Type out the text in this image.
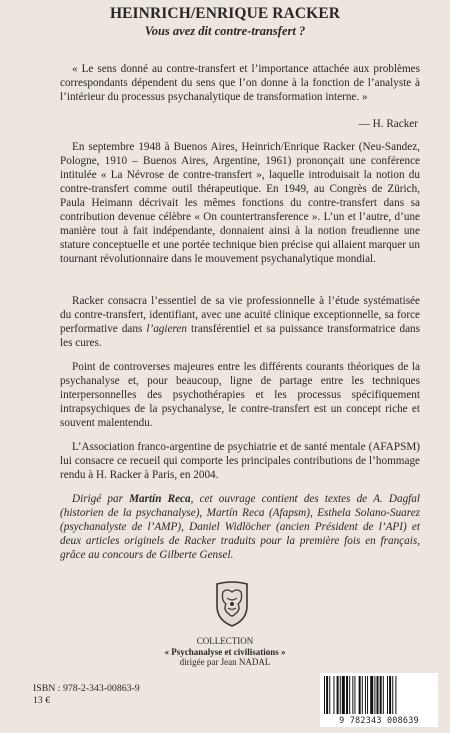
HEINRICH/ENRIQUE RACKER
Vous avez dit contre-transfert ?

« Le sens donné au contre-transfert et l’importance attachée aux problèmes correspondants dépendent du sens que l’on donne à la fonction de l’analyste à l’intérieur du processus psychanalytique de transformation interne. »

— H. Racker

En septembre 1948 à Buenos Aires, Heinrich/Enrique Racker (Neu-Sandez, Pologne, 1910 – Buenos Aires, Argentine, 1961) prononçait une conférence intitulée « La Névrose de contre-transfert », laquelle introduisait la notion du contre-transfert comme outil thérapeutique. En 1949, au Congrès de Zürich, Paula Heimann décrivait les mêmes fonctions du contre-transfert dans sa contribution devenue célèbre « On countertransference ». L’un et l’autre, d’une manière tout à fait indépendante, donnaient ainsi à la notion freudienne une stature conceptuelle et une portée technique bien précise qui allaient marquer un tournant révolutionnaire dans le mouvement psychanalytique mondial.

Racker consacra l’essentiel de sa vie professionnelle à l’étude systématisée du contre-transfert, identifiant, avec une acuité clinique exceptionnelle, sa force performative dans l’agieren transférentiel et sa puissance transformatrice dans les cures.

Point de controverses majeures entre les différents courants théoriques de la psychanalyse et, pour beaucoup, ligne de partage entre les techniques interpersonnelles des psychothérapies et les processus spécifiquement intrapsychiques de la psychanalyse, le contre-transfert est un concept riche et souvent malentendu.

L’Association franco-argentine de psychiatrie et de santé mentale (AFAPSM) lui consacre ce recueil qui comporte les principales contributions de l’hommage rendu à H. Racker à Paris, en 2004.

Dirigé par Martín Reca, cet ouvrage contient des textes de A. Dagfal (historien de la psychanalyse), Martín Reca (Afapsm), Esthela Solano-Suarez (psychanalyste de l’AMP), Daniel Widlöcher (ancien Président de l’API) et deux articles originels de Racker traduits pour la première fois en français, grâce au concours de Gilberte Gensel.

COLLECTION
« Psychanalyse et civilisations »
dirigée par Jean NADAL
ISBN : 978-2-343-00863-9
13 €
9 782343 008639
